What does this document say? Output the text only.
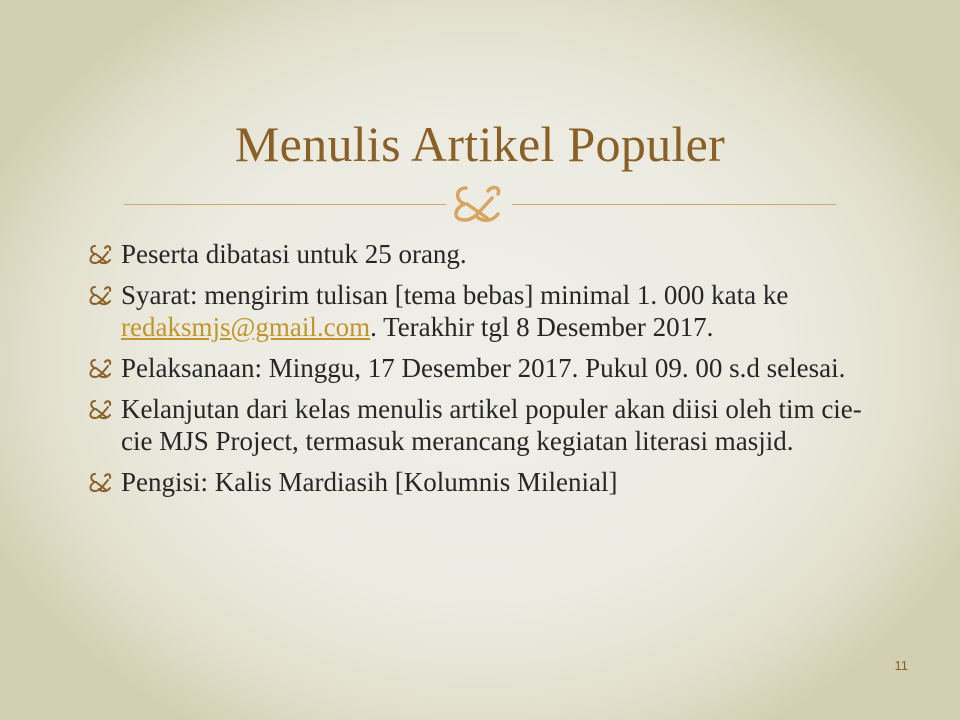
Menulis Artikel Populer
Peserta dibatasi untuk 25 orang.
Syarat: mengirim tulisan [tema bebas] minimal 1. 000 kata ke redaksmjs@gmail.com. Terakhir tgl 8 Desember 2017.
Pelaksanaan: Minggu, 17 Desember 2017. Pukul 09. 00 s.d selesai.
Kelanjutan dari kelas menulis artikel populer akan diisi oleh tim cie-cie MJS Project, termasuk merancang kegiatan literasi masjid.
Pengisi: Kalis Mardiasih [Kolumnis Milenial]
11
